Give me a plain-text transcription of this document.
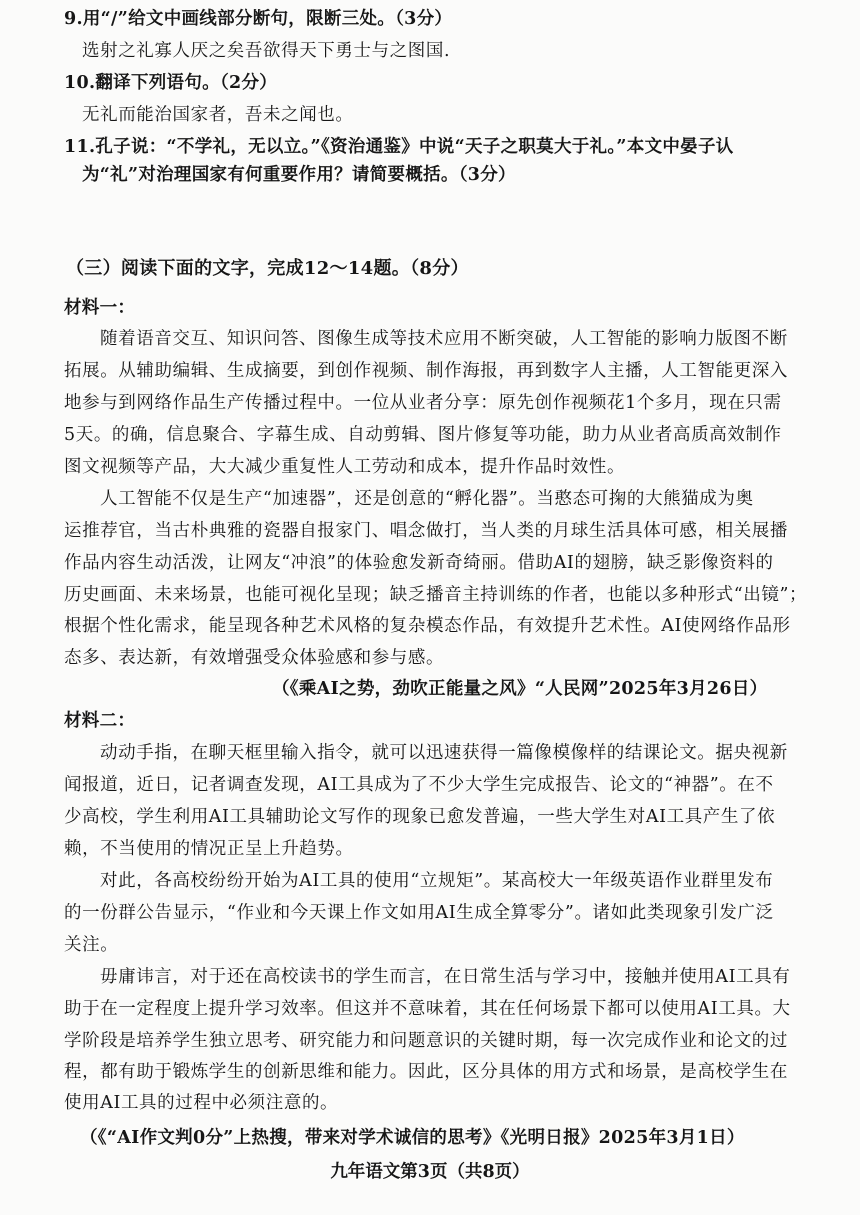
9.用“/”给文中画线部分断句，限断三处。（3分）

选射之礼寡人厌之矣吾欲得天下勇士与之图国.

10.翻译下列语句。（2分）

无礼而能治国家者，吾未之闻也。

11.孔子说：“不学礼，无以立。”《资治通鉴》中说“天子之职莫大于礼。”本文中晏子认

为“礼”对治理国家有何重要作用？请简要概括。（3分）

（三）阅读下面的文字，完成12～14题。（8分）

材料一：

随着语音交互、知识问答、图像生成等技术应用不断突破，人工智能的影响力版图不断

拓展。从辅助编辑、生成摘要，到创作视频、制作海报，再到数字人主播，人工智能更深入

地参与到网络作品生产传播过程中。一位从业者分享：原先创作视频花1个多月，现在只需

5天。的确，信息聚合、字幕生成、自动剪辑、图片修复等功能，助力从业者高质高效制作

图文视频等产品，大大减少重复性人工劳动和成本，提升作品时效性。

人工智能不仅是生产“加速器”，还是创意的“孵化器”。当憨态可掬的大熊猫成为奥

运推荐官，当古朴典雅的瓷器自报家门、唱念做打，当人类的月球生活具体可感，相关展播

作品内容生动活泼，让网友“冲浪”的体验愈发新奇绮丽。借助AI的翅膀，缺乏影像资料的

历史画面、未来场景，也能可视化呈现；缺乏播音主持训练的作者，也能以多种形式“出镜”；

根据个性化需求，能呈现各种艺术风格的复杂模态作品，有效提升艺术性。AI使网络作品形

态多、表达新，有效增强受众体验感和参与感。

（《乘AI之势，劲吹正能量之风》“人民网”2025年3月26日）

材料二：

动动手指，在聊天框里输入指令，就可以迅速获得一篇像模像样的结课论文。据央视新

闻报道，近日，记者调查发现，AI工具成为了不少大学生完成报告、论文的“神器”。在不

少高校，学生利用AI工具辅助论文写作的现象已愈发普遍，一些大学生对AI工具产生了依

赖，不当使用的情况正呈上升趋势。

对此，各高校纷纷开始为AI工具的使用“立规矩”。某高校大一年级英语作业群里发布

的一份群公告显示，“作业和今天课上作文如用AI生成全算零分”。诸如此类现象引发广泛

关注。

毋庸讳言，对于还在高校读书的学生而言，在日常生活与学习中，接触并使用AI工具有

助于在一定程度上提升学习效率。但这并不意味着，其在任何场景下都可以使用AI工具。大

学阶段是培养学生独立思考、研究能力和问题意识的关键时期，每一次完成作业和论文的过

程，都有助于锻炼学生的创新思维和能力。因此，区分具体的用方式和场景，是高校学生在

使用AI工具的过程中必须注意的。

（《“AI作文判0分”上热搜，带来对学术诚信的思考》《光明日报》2025年3月1日）

九年语文第3页（共8页）
